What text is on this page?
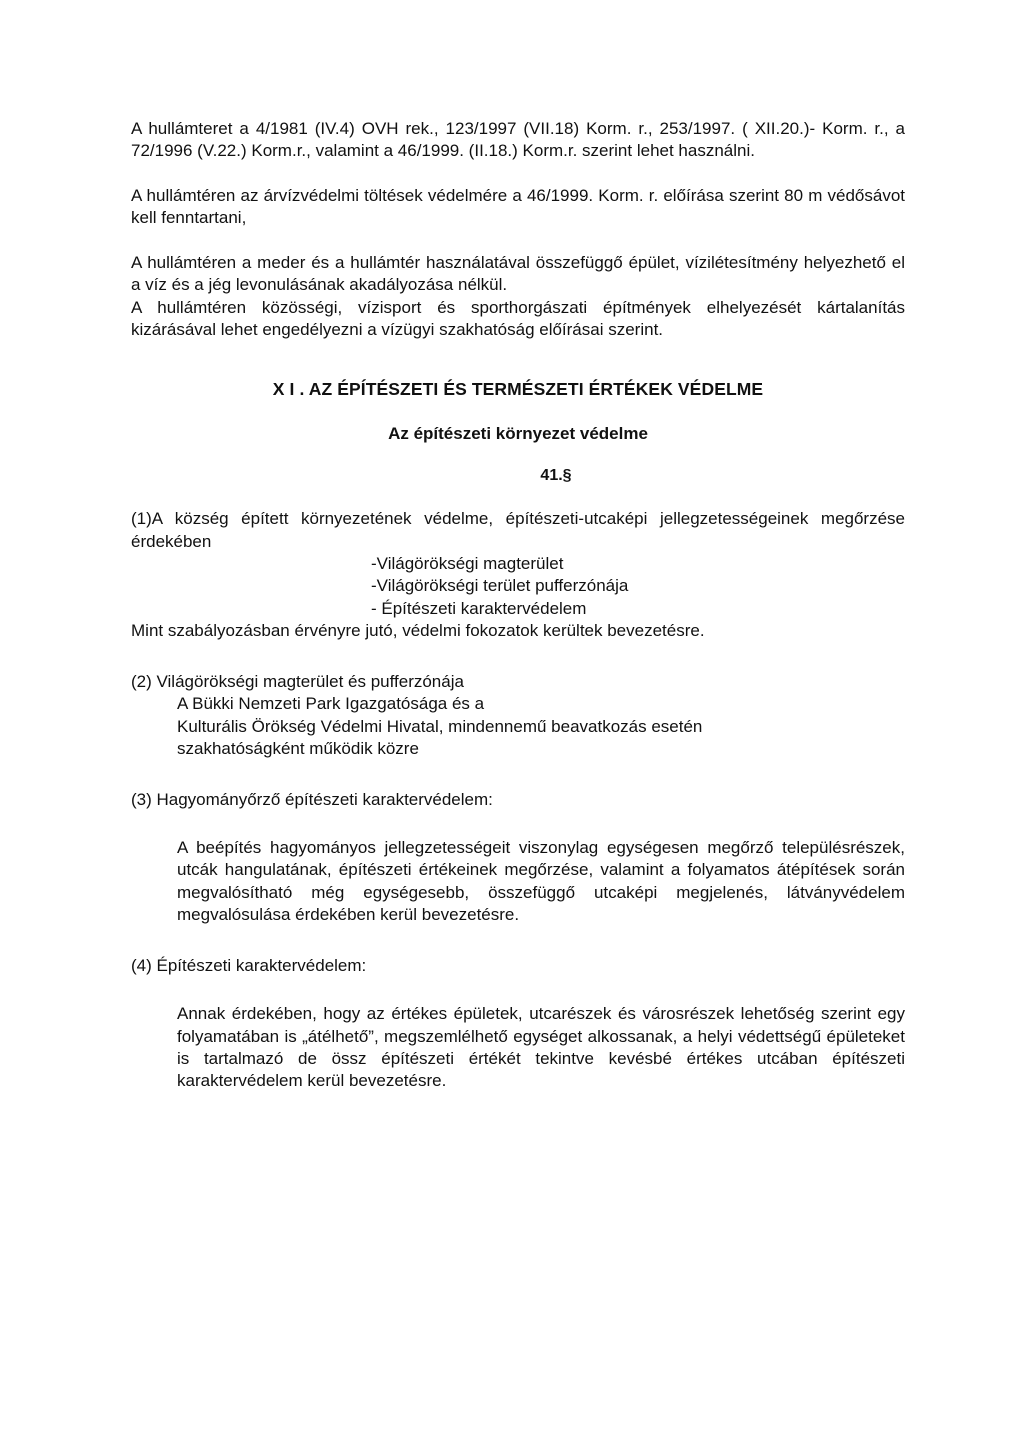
A hullámteret a 4/1981 (IV.4) OVH rek., 123/1997 (VII.18) Korm. r., 253/1997. ( XII.20.)- Korm. r., a 72/1996 (V.22.) Korm.r., valamint a 46/1999. (II.18.) Korm.r. szerint lehet használni.

A hullámtéren az árvízvédelmi töltések védelmére a 46/1999. Korm. r. előírása szerint 80 m védősávot kell fenntartani,

A hullámtéren a meder és a hullámtér használatával összefüggő épület, vízilétesítmény helyezhető el a víz és a jég levonulásának akadályozása nélkül.

A hullámtéren közösségi, vízisport és sporthorgászati építmények elhelyezését kártalanítás kizárásával lehet engedélyezni a vízügyi szakhatóság előírásai szerint.

X I . AZ ÉPÍTÉSZETI ÉS TERMÉSZETI ÉRTÉKEK VÉDELME

Az építészeti környezet védelme

41.§

(1)A község épített környezetének védelme, építészeti-utcaképi jellegzetességeinek megőrzése érdekében

-Világörökségi magterület
-Világörökségi terület pufferzónája
- Építészeti karaktervédelem

Mint szabályozásban érvényre jutó, védelmi fokozatok kerültek bevezetésre.

(2) Világörökségi magterület és pufferzónája

A Bükki Nemzeti Park Igazgatósága és a

Kulturális Örökség Védelmi Hivatal, mindennemű beavatkozás esetén

szakhatóságként működik közre

(3) Hagyományőrző építészeti karaktervédelem:

A beépítés hagyományos jellegzetességeit viszonylag egységesen megőrző településrészek, utcák hangulatának, építészeti értékeinek megőrzése, valamint a folyamatos átépítések során megvalósítható még egységesebb, összefüggő utcaképi megjelenés, látványvédelem megvalósulása érdekében kerül bevezetésre.

(4) Építészeti karaktervédelem:

Annak érdekében, hogy az értékes épületek, utcarészek és városrészek lehetőség szerint egy folyamatában is „átélhető”, megszemlélhető egységet alkossanak, a helyi védettségű épületeket is tartalmazó de össz építészeti értékét tekintve kevésbé értékes utcában építészeti karaktervédelem kerül bevezetésre.
